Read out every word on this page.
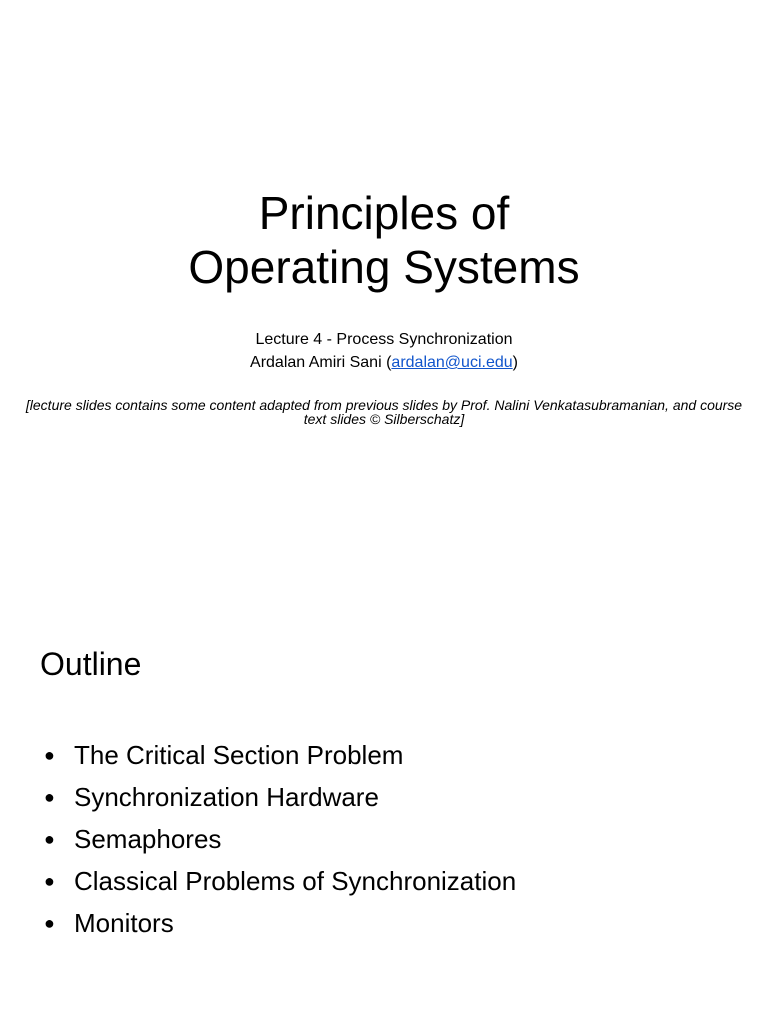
Principles of
Operating Systems
Lecture 4 - Process Synchronization
Ardalan Amiri Sani (ardalan@uci.edu)
[lecture slides contains some content adapted from previous slides by Prof. Nalini Venkatasubramanian, and course text slides © Silberschatz]
Outline
● The Critical Section Problem
● Synchronization Hardware
● Semaphores
● Classical Problems of Synchronization
● Monitors
